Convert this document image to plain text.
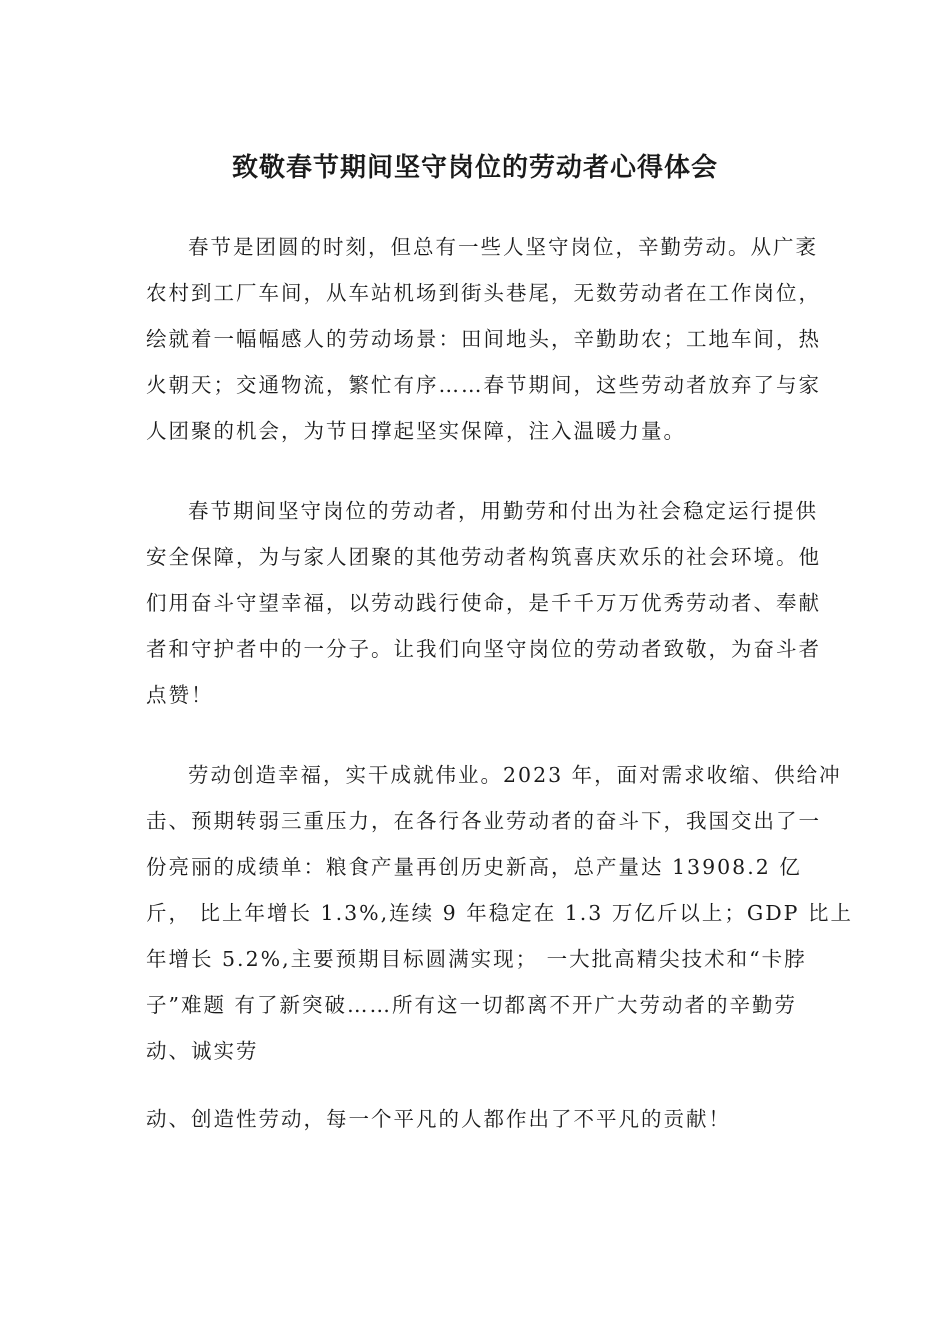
致敬春节期间坚守岗位的劳动者心得体会
春节是团圆的时刻，但总有一些人坚守岗位，辛勤劳动。从广袤
农村到工厂车间，从车站机场到街头巷尾，无数劳动者在工作岗位，
绘就着一幅幅感人的劳动场景：田间地头，辛勤助农；工地车间，热
火朝天；交通物流，繁忙有序……春节期间，这些劳动者放弃了与家
人团聚的机会，为节日撑起坚实保障，注入温暖力量。
春节期间坚守岗位的劳动者，用勤劳和付出为社会稳定运行提供
安全保障，为与家人团聚的其他劳动者构筑喜庆欢乐的社会环境。他
们用奋斗守望幸福，以劳动践行使命，是千千万万优秀劳动者、奉献
者和守护者中的一分子。让我们向坚守岗位的劳动者致敬，为奋斗者
点赞！
劳动创造幸福，实干成就伟业。2023 年，面对需求收缩、供给冲
击、预期转弱三重压力，在各行各业劳动者的奋斗下，我国交出了一
份亮丽的成绩单：粮食产量再创历史新高，总产量达 13908.2 亿
斤， 比上年增长 1.3%,连续 9 年稳定在 1.3 万亿斤以上；GDP 比上
年增长 5.2%,主要预期目标圆满实现； 一大批高精尖技术和“卡脖
子”难题 有了新突破……所有这一切都离不开广大劳动者的辛勤劳
动、诚实劳
动、创造性劳动，每一个平凡的人都作出了不平凡的贡献！
